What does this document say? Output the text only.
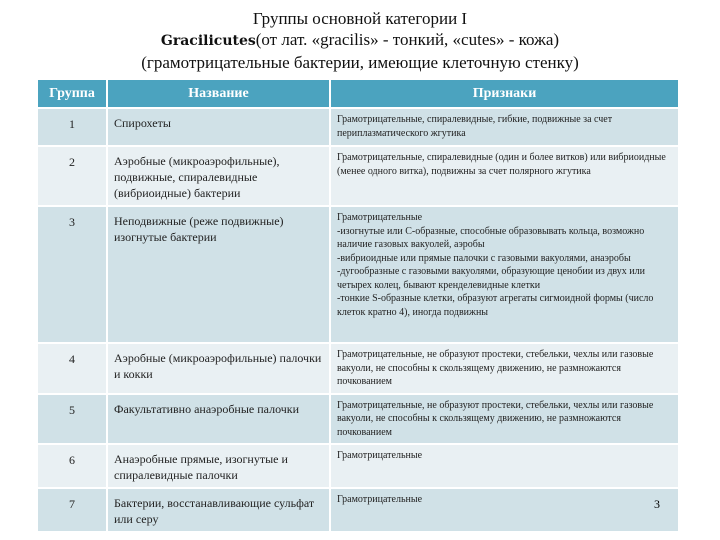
Группы основной категории I
Gracilicutes(от лат. «gracilis» - тонкий, «cutes» - кожа)
(грамотрицательные бактерии, имеющие клеточную стенку)
Группа	Название	Признаки
1	Спирохеты	Грамотрицательные, спиралевидные, гибкие, подвижные за счет периплазматического жгутика
2	Аэробные (микроаэрофильные), подвижные, спиралевидные (вибриоидные) бактерии	Грамотрицательные, спиралевидные (один и более витков) или вибриоидные (менее одного витка), подвижны за счет полярного жгутика
3	Неподвижные (реже подвижные) изогнутые бактерии	Грамотрицательные
-изогнутые или С-образные, способные образовывать кольца, возможно наличие газовых вакуолей, аэробы
-вибриоидные или прямые палочки с газовыми вакуолями, анаэробы
-дугообразные с газовыми вакуолями, образующие ценобии из двух или четырех колец, бывают крендeлевидные клетки
-тонкие S-образные клетки, образуют агрегаты сигмоидной формы (число клеток кратно 4), иногда подвижны
4	Аэробные (микроаэрофильные) палочки и кокки	Грамотрицательные, не образуют простеки, стебельки, чехлы или газовые вакуоли, не способны к скользящему движению, не размножаются почкованием
5	Факультативно анаэробные палочки	Грамотрицательные, не образуют простеки, стебельки, чехлы или газовые вакуоли, не способны к скользящему движению, не размножаются почкованием
6	Анаэробные прямые, изогнутые и спиралевидные палочки	Грамотрицательные
7	Бактерии, восстанавливающие сульфат или серу	Грамотрицательные	3
